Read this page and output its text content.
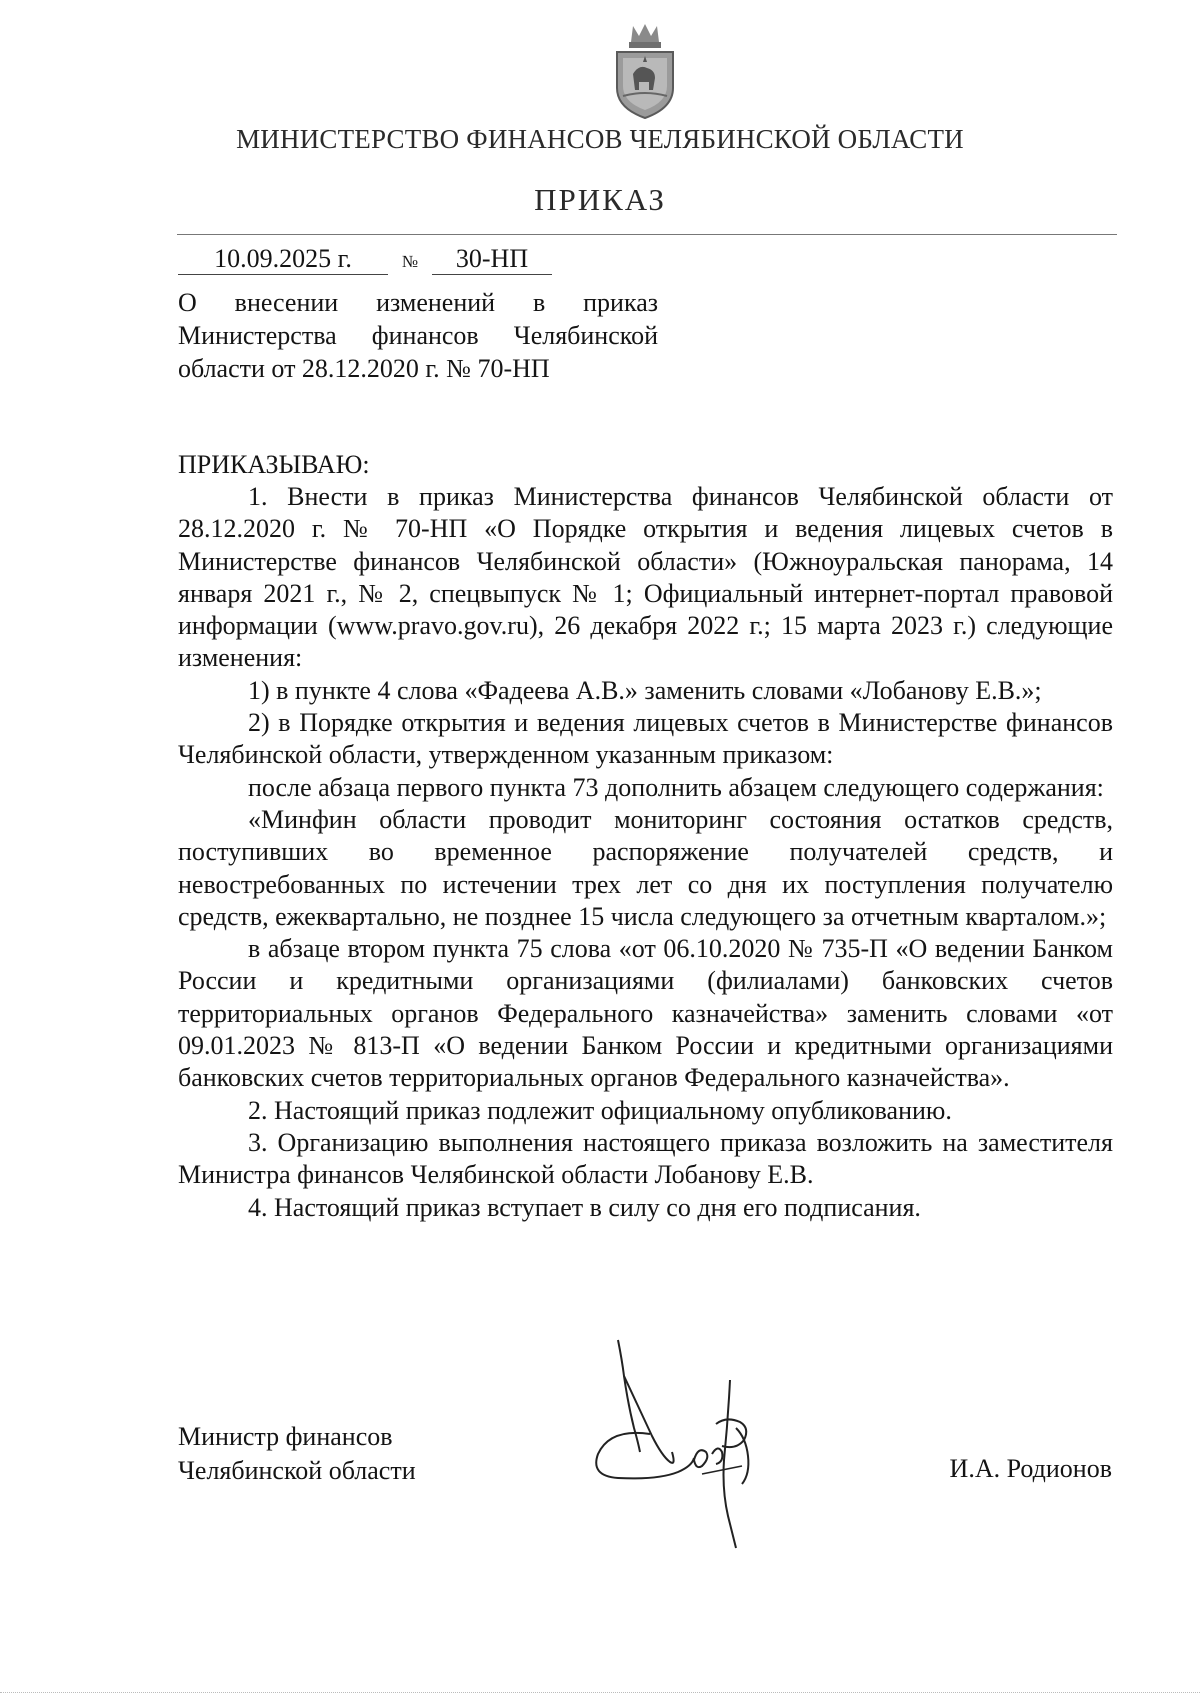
МИНИСТЕРСТВО ФИНАНСОВ ЧЕЛЯБИНСКОЙ ОБЛАСТИ
ПРИКАЗ
10.09.2025 г.	№	30-НП
О внесении изменений в приказ
Министерства финансов Челябинской
области от 28.12.2020 г. № 70-НП
ПРИКАЗЫВАЮ:

1. Внести в приказ Министерства финансов Челябинской области от 28.12.2020 г. № 70-НП «О Порядке открытия и ведения лицевых счетов в Министерстве финансов Челябинской области» (Южноуральская панорама, 14 января 2021 г., № 2, спецвыпуск № 1; Официальный интернет-портал правовой информации (www.pravo.gov.ru), 26 декабря 2022 г.; 15 марта 2023 г.) следующие изменения:

1) в пункте 4 слова «Фадеева А.В.» заменить словами «Лобанову Е.В.»;

2) в Порядке открытия и ведения лицевых счетов в Министерстве финансов Челябинской области, утвержденном указанным приказом:

после абзаца первого пункта 73 дополнить абзацем следующего содержания:

«Минфин области проводит мониторинг состояния остатков средств, поступивших во временное распоряжение получателей средств, и невостребованных по истечении трех лет со дня их поступления получателю средств, ежеквартально, не позднее 15 числа следующего за отчетным кварталом.»;

в абзаце втором пункта 75 слова «от 06.10.2020 № 735-П «О ведении Банком России и кредитными организациями (филиалами) банковских счетов территориальных органов Федерального казначейства» заменить словами «от 09.01.2023 № 813-П «О ведении Банком России и кредитными организациями банковских счетов территориальных органов Федерального казначейства».

2. Настоящий приказ подлежит официальному опубликованию.

3. Организацию выполнения настоящего приказа возложить на заместителя Министра финансов Челябинской области Лобанову Е.В.

4. Настоящий приказ вступает в силу со дня его подписания.

Министр финансов
Челябинской области	И.А. Родионов
